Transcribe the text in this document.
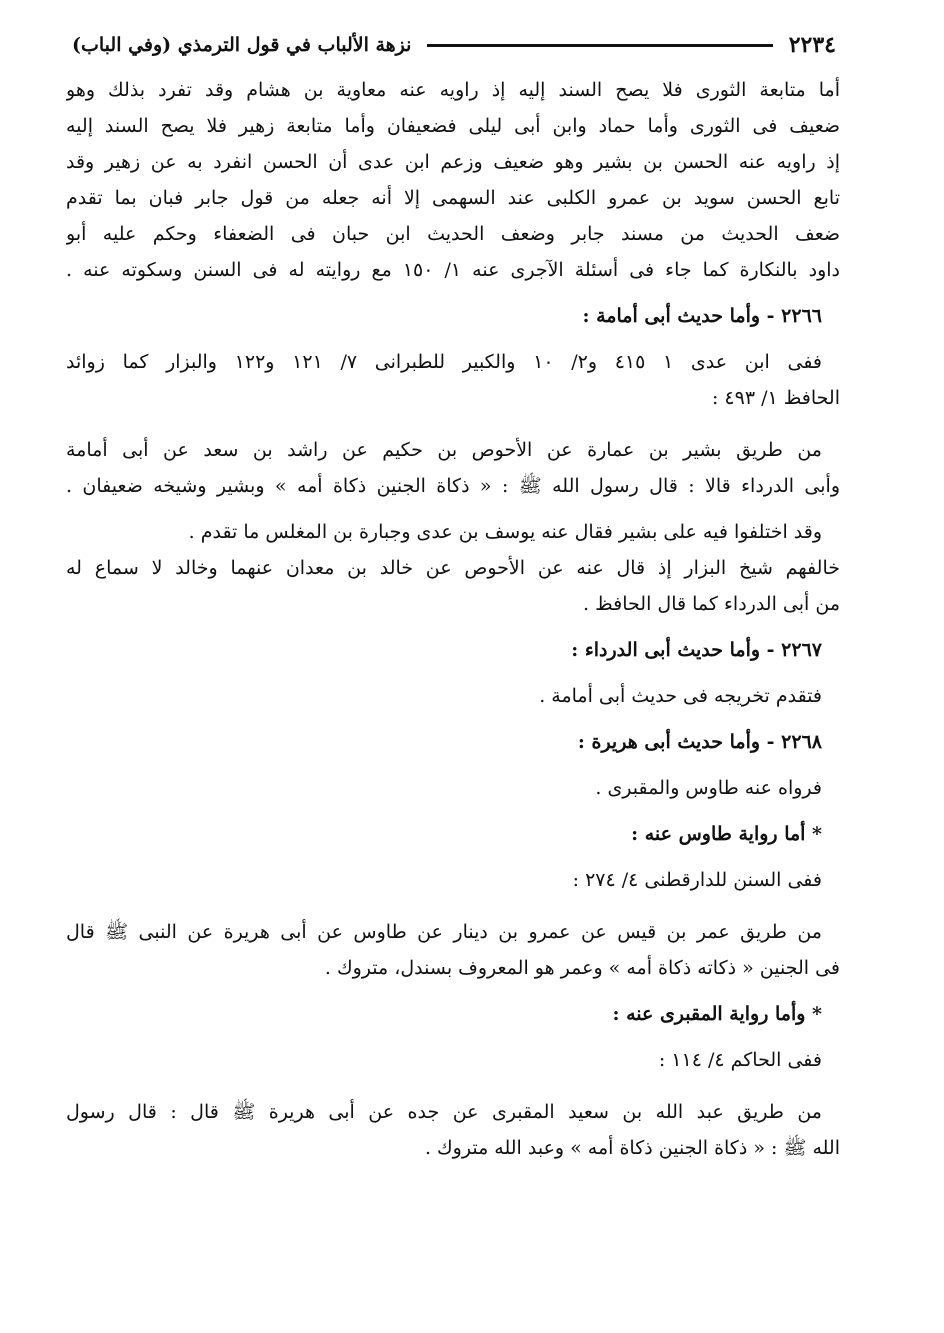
٢٢٣٤
نزهة الألباب في قول الترمذي (وفي الباب)
أما متابعة الثورى فلا يصح السند إليه إذ راويه عنه معاوية بن هشام وقد تفرد بذلك وهو
ضعيف فى الثورى وأما حماد وابن أبى ليلى فضعيفان وأما متابعة زهير فلا يصح السند إليه
إذ راويه عنه الحسن بن بشير وهو ضعيف وزعم ابن عدى أن الحسن انفرد به عن زهير وقد
تابع الحسن سويد بن عمرو الكلبى عند السهمى إلا أنه جعله من قول جابر فبان بما تقدم
ضعف الحديث من مسند جابر وضعف الحديث ابن حبان فى الضعفاء وحكم عليه أبو
داود بالنكارة كما جاء فى أسئلة الآجرى عنه ١/ ١٥٠ مع روايته له فى السنن وسكوته عنه .
٢٢٦٦ - وأما حديث أبى أمامة :
ففى ابن عدى ١ ٤١٥ و٢/ ١٠ والكبير للطبرانى ٧/ ١٢١ و١٢٢ والبزار كما زوائد
الحافظ ١/ ٤٩٣ :
من طريق بشير بن عمارة عن الأحوص بن حكيم عن راشد بن سعد عن أبى أمامة
وأبى الدرداء قالا : قال رسول الله ﷺ : « ذكاة الجنين ذكاة أمه » وبشير وشيخه ضعيفان .
وقد اختلفوا فيه على بشير فقال عنه يوسف بن عدى وجبارة بن المغلس ما تقدم .
خالفهم شيخ البزار إذ قال عنه عن الأحوص عن خالد بن معدان عنهما وخالد لا سماع له
من أبى الدرداء كما قال الحافظ .
٢٢٦٧ - وأما حديث أبى الدرداء :
فتقدم تخريجه فى حديث أبى أمامة .
٢٢٦٨ - وأما حديث أبى هريرة :
فرواه عنه طاوس والمقبرى .
* أما رواية طاوس عنه :
ففى السنن للدارقطنى ٤/ ٢٧٤ :
من طريق عمر بن قيس عن عمرو بن دينار عن طاوس عن أبى هريرة عن النبى ﷺ قال
فى الجنين « ذكاته ذكاة أمه » وعمر هو المعروف بسندل، متروك .
* وأما رواية المقبرى عنه :
ففى الحاكم ٤/ ١١٤ :
من طريق عبد الله بن سعيد المقبرى عن جده عن أبى هريرة ﷺ قال : قال رسول
الله ﷺ : « ذكاة الجنين ذكاة أمه » وعبد الله متروك .
